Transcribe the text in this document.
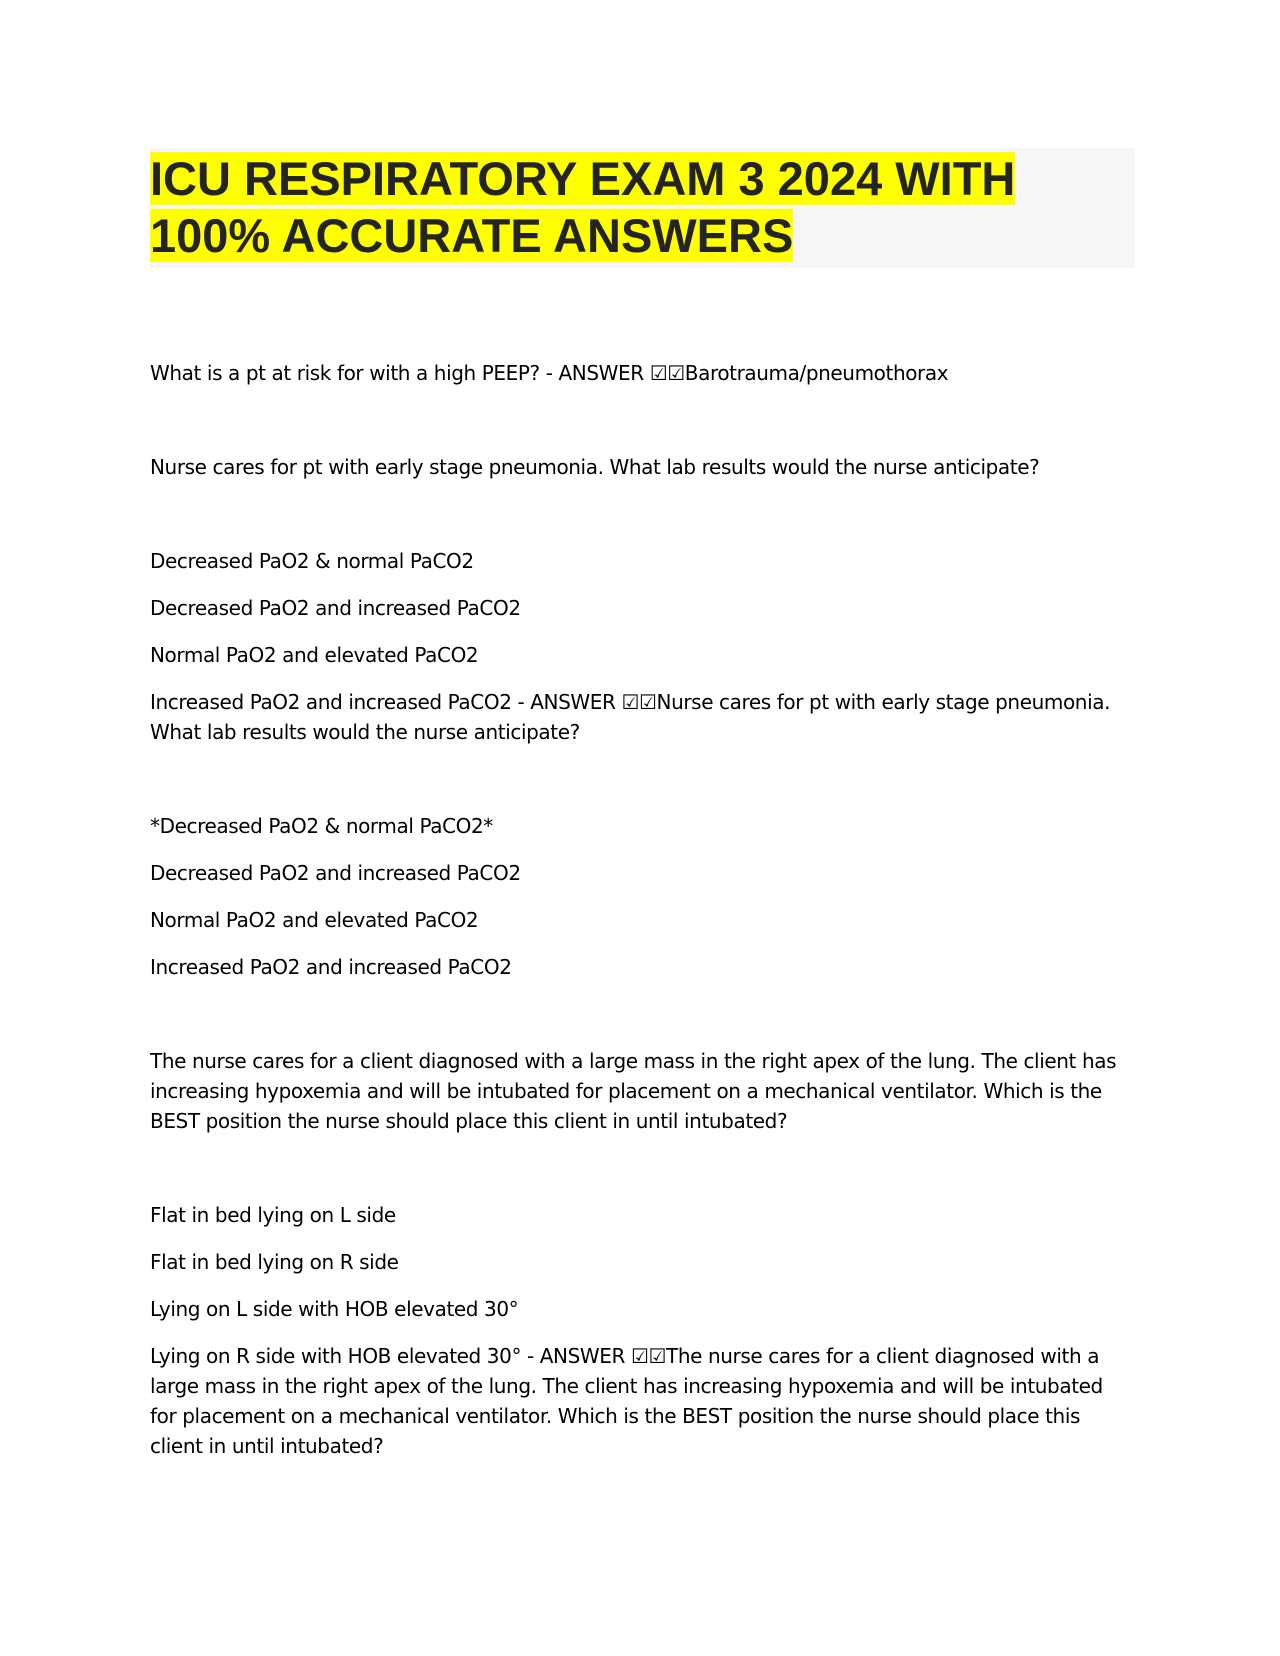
ICU RESPIRATORY EXAM 3 2024 WITH 100% ACCURATE ANSWERS

What is a pt at risk for with a high PEEP? - ANSWER ☑☑Barotrauma/pneumothorax

Nurse cares for pt with early stage pneumonia. What lab results would the nurse anticipate?

Decreased PaO2 & normal PaCO2

Decreased PaO2 and increased PaCO2

Normal PaO2 and elevated PaCO2

Increased PaO2 and increased PaCO2 - ANSWER ☑☑Nurse cares for pt with early stage pneumonia. What lab results would the nurse anticipate?

*Decreased PaO2 & normal PaCO2*

Decreased PaO2 and increased PaCO2

Normal PaO2 and elevated PaCO2

Increased PaO2 and increased PaCO2

The nurse cares for a client diagnosed with a large mass in the right apex of the lung. The client has increasing hypoxemia and will be intubated for placement on a mechanical ventilator. Which is the BEST position the nurse should place this client in until intubated?

Flat in bed lying on L side

Flat in bed lying on R side

Lying on L side with HOB elevated 30°

Lying on R side with HOB elevated 30° - ANSWER ☑☑The nurse cares for a client diagnosed with a large mass in the right apex of the lung. The client has increasing hypoxemia and will be intubated for placement on a mechanical ventilator. Which is the BEST position the nurse should place this client in until intubated?
